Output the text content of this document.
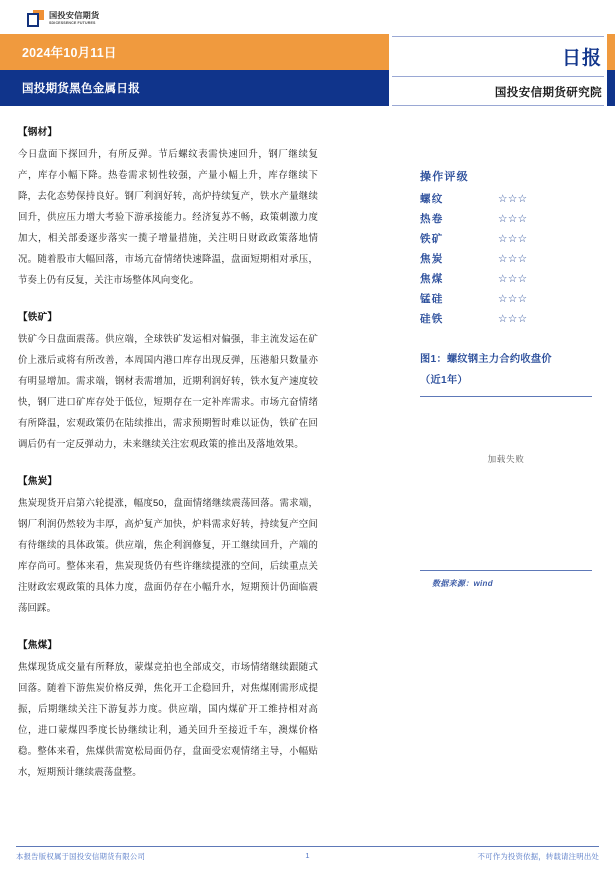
国投安信期货
SDICESSENCE FUTURES
2024年10月11日
国投期货黑色金属日报
日报
国投安信期货研究院
【钢材】
今日盘面下探回升，有所反弹。节后螺纹表需快速回升，钢厂继续复产，库存小幅下降。热卷需求韧性较强，产量小幅上升，库存继续下降，去化态势保持良好。钢厂利润好转，高炉持续复产，铁水产量继续回升，供应压力增大考验下游承接能力。经济复苏不畅，政策刺激力度加大，相关部委逐步落实一揽子增量措施，关注明日财政政策落地情况。随着股市大幅回落，市场亢奋情绪快速降温，盘面短期相对承压，节奏上仍有反复，关注市场整体风向变化。
【铁矿】
铁矿今日盘面震荡。供应端，全球铁矿发运相对偏强，非主流发运在矿价上涨后或将有所改善，本周国内港口库存出现反弹，压港船只数量亦有明显增加。需求端，钢材表需增加，近期利润好转，铁水复产速度较快，钢厂进口矿库存处于低位，短期存在一定补库需求。市场亢奋情绪有所降温，宏观政策仍在陆续推出，需求预期暂时难以证伪，铁矿在回调后仍有一定反弹动力，未来继续关注宏观政策的推出及落地效果。
【焦炭】
焦炭现货开启第六轮提涨，幅度50，盘面情绪继续震荡回落。需求端，钢厂利润仍然较为丰厚，高炉复产加快，炉料需求好转，持续复产空间有待继续的具体政策。供应端，焦企利润修复，开工继续回升，产端的库存尚可。整体来看，焦炭现货仍有些许继续提涨的空间，后续重点关注财政宏观政策的具体力度，盘面仍存在小幅升水，短期预计仍面临震荡回踩。
【焦煤】
焦煤现货成交量有所释放，蒙煤竞拍也全部成交，市场情绪继续跟随式回落。随着下游焦炭价格反弹，焦化开工企稳回升，对焦煤刚需形成提振，后期继续关注下游复苏力度。供应端，国内煤矿开工维持相对高位，进口蒙煤四季度长协继续让利，通关回升至接近千车，澳煤价格稳。整体来看，焦煤供需宽松局面仍存，盘面受宏观情绪主导，小幅贴水，短期预计继续震荡盘整。
操作评级
螺纹	☆☆☆
热卷	☆☆☆
铁矿	☆☆☆
焦炭	☆☆☆
焦煤	☆☆☆
锰硅	☆☆☆
硅铁	☆☆☆
图1：螺纹钢主力合约收盘价
（近1年）
加载失败
数据来源：wind
本报告版权属于国投安信期货有限公司	1	不可作为投资依据，转载请注明出处
